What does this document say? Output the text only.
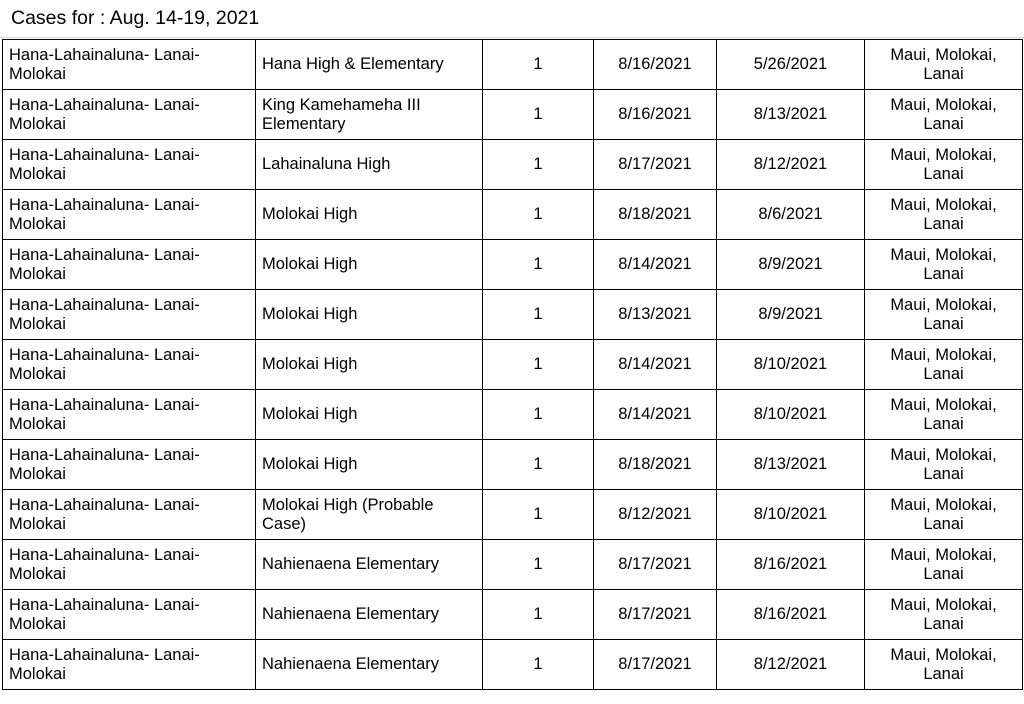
Cases for : Aug. 14-19, 2021
Hana-Lahainaluna- Lanai-Molokai	Hana High & Elementary	1	8/16/2021	5/26/2021	Maui, Molokai, Lanai
Hana-Lahainaluna- Lanai-Molokai	King Kamehameha III Elementary	1	8/16/2021	8/13/2021	Maui, Molokai, Lanai
Hana-Lahainaluna- Lanai-Molokai	Lahainaluna High	1	8/17/2021	8/12/2021	Maui, Molokai, Lanai
Hana-Lahainaluna- Lanai-Molokai	Molokai High	1	8/18/2021	8/6/2021	Maui, Molokai, Lanai
Hana-Lahainaluna- Lanai-Molokai	Molokai High	1	8/14/2021	8/9/2021	Maui, Molokai, Lanai
Hana-Lahainaluna- Lanai-Molokai	Molokai High	1	8/13/2021	8/9/2021	Maui, Molokai, Lanai
Hana-Lahainaluna- Lanai-Molokai	Molokai High	1	8/14/2021	8/10/2021	Maui, Molokai, Lanai
Hana-Lahainaluna- Lanai-Molokai	Molokai High	1	8/14/2021	8/10/2021	Maui, Molokai, Lanai
Hana-Lahainaluna- Lanai-Molokai	Molokai High	1	8/18/2021	8/13/2021	Maui, Molokai, Lanai
Hana-Lahainaluna- Lanai-Molokai	Molokai High (Probable Case)	1	8/12/2021	8/10/2021	Maui, Molokai, Lanai
Hana-Lahainaluna- Lanai-Molokai	Nahienaena Elementary	1	8/17/2021	8/16/2021	Maui, Molokai, Lanai
Hana-Lahainaluna- Lanai-Molokai	Nahienaena Elementary	1	8/17/2021	8/16/2021	Maui, Molokai, Lanai
Hana-Lahainaluna- Lanai-Molokai	Nahienaena Elementary	1	8/17/2021	8/12/2021	Maui, Molokai, Lanai
